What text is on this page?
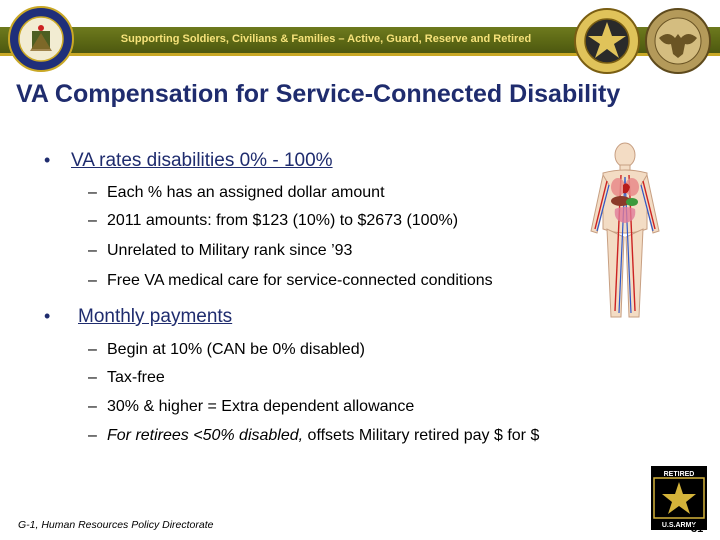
Supporting Soldiers, Civilians & Families – Active, Guard, Reserve and Retired
VA Compensation for Service-Connected Disability
• VA rates disabilities 0% - 100%
– Each % has an assigned dollar amount
– 2011 amounts: from $123 (10%) to $2673 (100%)
– Unrelated to Military rank since ’93
– Free VA medical care for service-connected conditions
• Monthly payments
– Begin at 10% (CAN be 0% disabled)
– Tax-free
– 30% & higher = Extra dependent allowance
– For retirees <50% disabled, offsets Military retired pay $ for $
G-1, Human Resources Policy Directorate
RETIRED
U.S.ARMY
31
